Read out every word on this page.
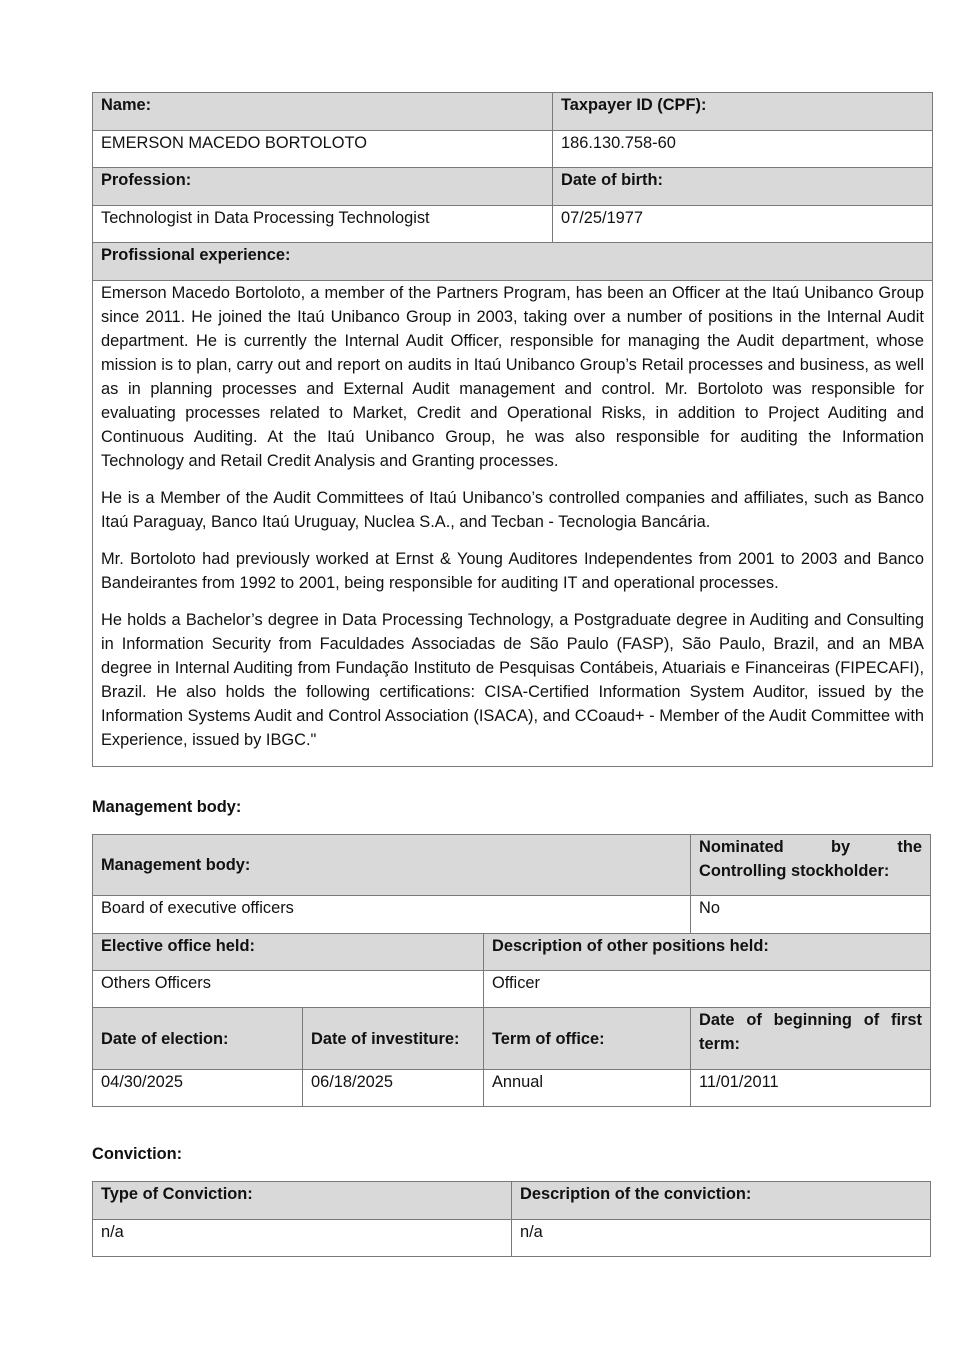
Name:	Taxpayer ID (CPF):
EMERSON MACEDO BORTOLOTO	186.130.758-60
Profession:	Date of birth:
Technologist in Data Processing Technologist	07/25/1977
Profissional experience:	

Emerson Macedo Bortoloto, a member of the Partners Program, has been an Officer at the Itaú Unibanco Group since 2011. He joined the Itaú Unibanco Group in 2003, taking over a number of positions in the Internal Audit department. He is currently the Internal Audit Officer, responsible for managing the Audit department, whose mission is to plan, carry out and report on audits in Itaú Unibanco Group’s Retail processes and business, as well as in planning processes and External Audit management and control. Mr. Bortoloto was responsible for evaluating processes related to Market, Credit and Operational Risks, in addition to Project Auditing and Continuous Auditing. At the Itaú Unibanco Group, he was also responsible for auditing the Information Technology and Retail Credit Analysis and Granting processes.

He is a Member of the Audit Committees of Itaú Unibanco’s controlled companies and affiliates, such as Banco Itaú Paraguay, Banco Itaú Uruguay, Nuclea S.A., and Tecban - Tecnologia Bancária.

Mr. Bortoloto had previously worked at Ernst & Young Auditores Independentes from 2001 to 2003 and Banco Bandeirantes from 1992 to 2001, being responsible for auditing IT and operational processes.

He holds a Bachelor’s degree in Data Processing Technology, a Postgraduate degree in Auditing and Consulting in Information Security from Faculdades Associadas de São Paulo (FASP), São Paulo, Brazil, and an MBA degree in Internal Auditing from Fundação Instituto de Pesquisas Contábeis, Atuariais e Financeiras (FIPECAFI), Brazil. He also holds the following certifications: CISA-Certified Information System Auditor, issued by the Information Systems Audit and Control Association (ISACA), and CCoaud+ - Member of the Audit Committee with Experience, issued by IBGC."	

Management body:
Management body:			Nominated by the Controlling stockholder:
Board of executive officers			No
Elective office held:		Description of other positions held:	
Others Officers		Officer	
Date of election:	Date of investiture:	Term of office:	Date of beginning of first term:
04/30/2025	06/18/2025	Annual	11/01/2011
Conviction:
Type of Conviction:	Description of the conviction:
n/a	n/a
